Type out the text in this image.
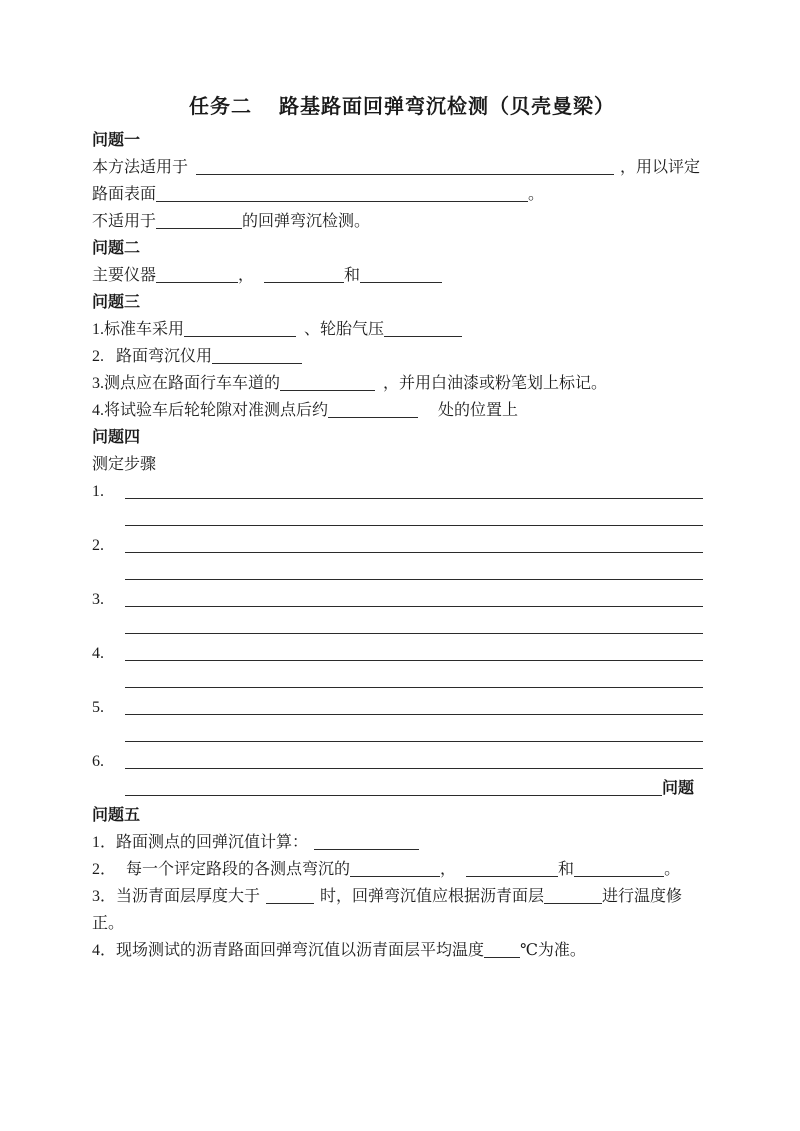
任务二　 路基路面回弹弯沉检测（贝壳曼梁）
问题一
本方法适用于	，用以评定
路面表面	。
不适用于	的回弹弯沉检测。
问题二
主要仪器	，	和
问题三
1.标准车采用	、轮胎气压
2. 路面弯沉仪用
3.测点应在路面行车车道的	，并用白油漆或粉笔划上标记。
4.将试验车后轮轮隙对准测点后约	处的位置上
问题四
测定步骤
1.
2.
3.
4.
5.
6.
问题
问题五
1．路面测点的回弹沉值计算：
2． 每一个评定路段的各测点弯沉的	，	和	。
3．当沥青面层厚度大于	时，回弹弯沉值应根据沥青面层	进行温度修
正。
4．现场测试的沥青路面回弹弯沉值以沥青面层平均温度 ℃为准。
